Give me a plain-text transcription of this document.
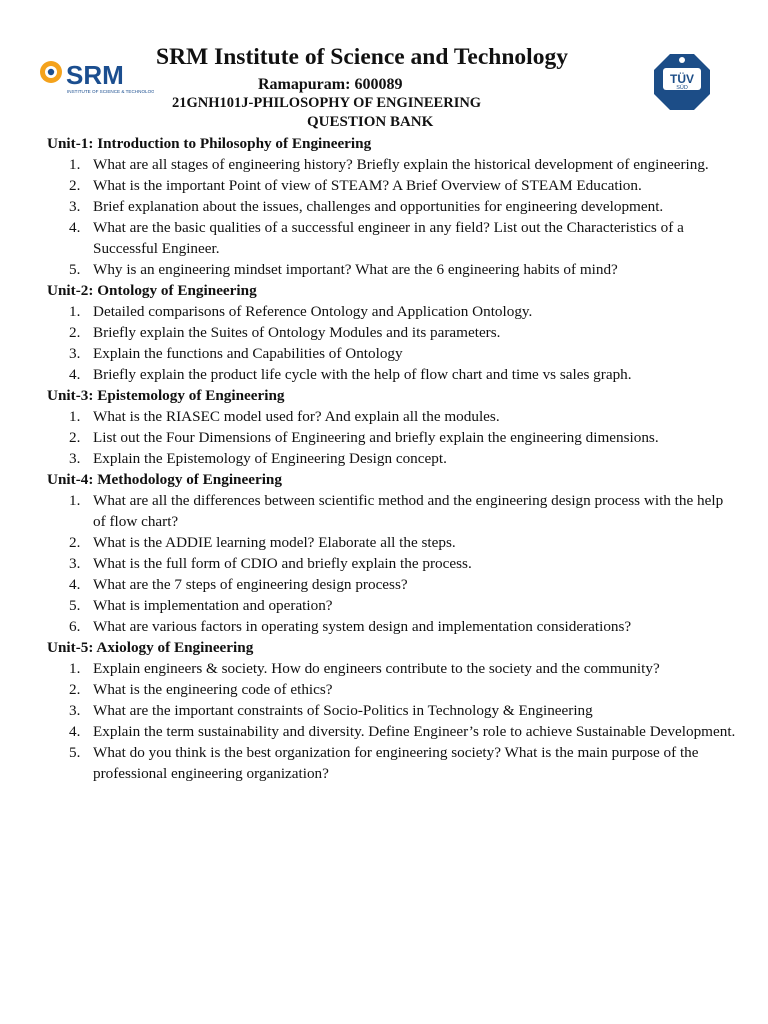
SRM
INSTITUTE OF SCIENCE & TECHNOLOGY
TÜV
SÜD
SRM Institute of Science and Technology
Ramapuram: 600089
21GNH101J-PHILOSOPHY OF ENGINEERING
QUESTION BANK
Unit-1: Introduction to Philosophy of Engineering
1. What are all stages of engineering history? Briefly explain the historical development of engineering.
2. What is the important Point of view of STEAM? A Brief Overview of STEAM Education.
3. Brief explanation about the issues, challenges and opportunities for engineering development.
4. What are the basic qualities of a successful engineer in any field? List out the Characteristics of a Successful Engineer.
5. Why is an engineering mindset important? What are the 6 engineering habits of mind?
Unit-2: Ontology of Engineering
1. Detailed comparisons of Reference Ontology and Application Ontology.
2. Briefly explain the Suites of Ontology Modules and its parameters.
3. Explain the functions and Capabilities of Ontology
4. Briefly explain the product life cycle with the help of flow chart and time vs sales graph.
Unit-3: Epistemology of Engineering
1. What is the RIASEC model used for? And explain all the modules.
2. List out the Four Dimensions of Engineering and briefly explain the engineering dimensions.
3. Explain the Epistemology of Engineering Design concept.
Unit-4: Methodology of Engineering
1. What are all the differences between scientific method and the engineering design process with the help of flow chart?
2. What is the ADDIE learning model? Elaborate all the steps.
3. What is the full form of CDIO and briefly explain the process.
4. What are the 7 steps of engineering design process?
5. What is implementation and operation?
6. What are various factors in operating system design and implementation considerations?
Unit-5: Axiology of Engineering
1. Explain engineers & society. How do engineers contribute to the society and the community?
2. What is the engineering code of ethics?
3. What are the important constraints of Socio-Politics in Technology & Engineering
4. Explain the term sustainability and diversity. Define Engineer’s role to achieve Sustainable Development.
5. What do you think is the best organization for engineering society? What is the main purpose of the professional engineering organization?
